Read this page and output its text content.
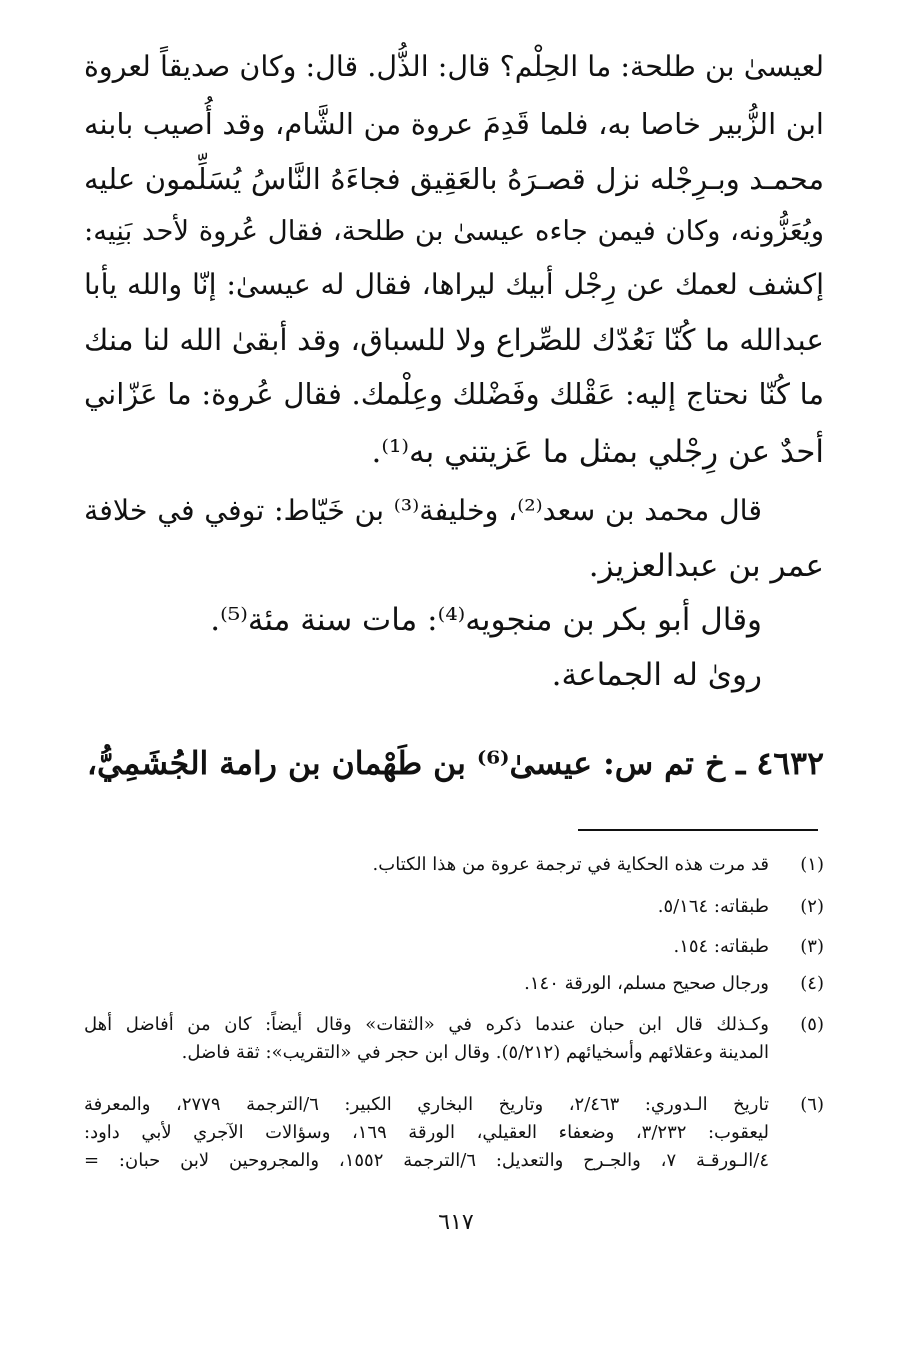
لعيسىٰ بن طلحة: ما الحِلْم؟ قال: الذُّل. قال: وكان صديقاً لعروة
ابن الزُّبير خاصا به، فلما قَدِمَ عروة من الشَّام، وقد أُصيب بابنه
محمـد وبـرِجْله نزل قصـرَهُ بالعَقِيق فجاءَهُ النَّاسُ يُسَلِّمون عليه
ويُعَزُّونه، وكان فيمن جاءه عيسىٰ بن طلحة، فقال عُروة لأحد بَنِيه:
إكشف لعمك عن رِجْل أبيك ليراها، فقال له عيسىٰ: إنّا والله يأبا
عبدالله ما كُنّا نَعُدّك للصِّراع ولا للسباق، وقد أبقىٰ الله لنا منك
ما كُنّا نحتاج إليه: عَقْلك وفَضْلك وعِلْمك. فقال عُروة: ما عَزّاني
أحدٌ عن رِجْلي بمثل ما عَزيتني به⁽¹⁾.
قال محمد بن سعد⁽²⁾، وخليفة⁽³⁾ بن خَيّاط: توفي في خلافة
عمر بن عبدالعزيز.
وقال أبو بكر بن منجويه⁽⁴⁾: مات سنة مئة⁽⁵⁾.
روىٰ له الجماعة.
٤٦٣٢ ـ خ تم س: عيسىٰ⁽⁶⁾ بن طَهْمان بن رامة الجُشَمِيُّ،
(١)
قد مرت هذه الحكاية في ترجمة عروة من هذا الكتاب.
(٢)
طبقاته: ٥/١٦٤.
(٣)
طبقاته: ١٥٤.
(٤)
ورجال صحيح مسلم، الورقة ١٤٠.
(٥)
وكـذلك قال ابن حبان عندما ذكره في «الثقات» وقال أيضاً: كان من أفاضل أهل
المدينة وعقلائهم وأسخيائهم (٥/٢١٢). وقال ابن حجر في «التقريب»: ثقة فاضل.
(٦)
تاريخ الـدوري: ٢/٤٦٣، وتاريخ البخاري الكبير: ٦/الترجمة ٢٧٧٩، والمعرفة
ليعقوب: ٣/٢٣٢، وضعفاء العقيلي، الورقة ١٦٩، وسؤالات الآجري لأبي داود:
٤/الـورقـة ٧، والجـرح والتعديل: ٦/الترجمة ١٥٥٢، والمجروحين لابن حبان: =
٦١٧
